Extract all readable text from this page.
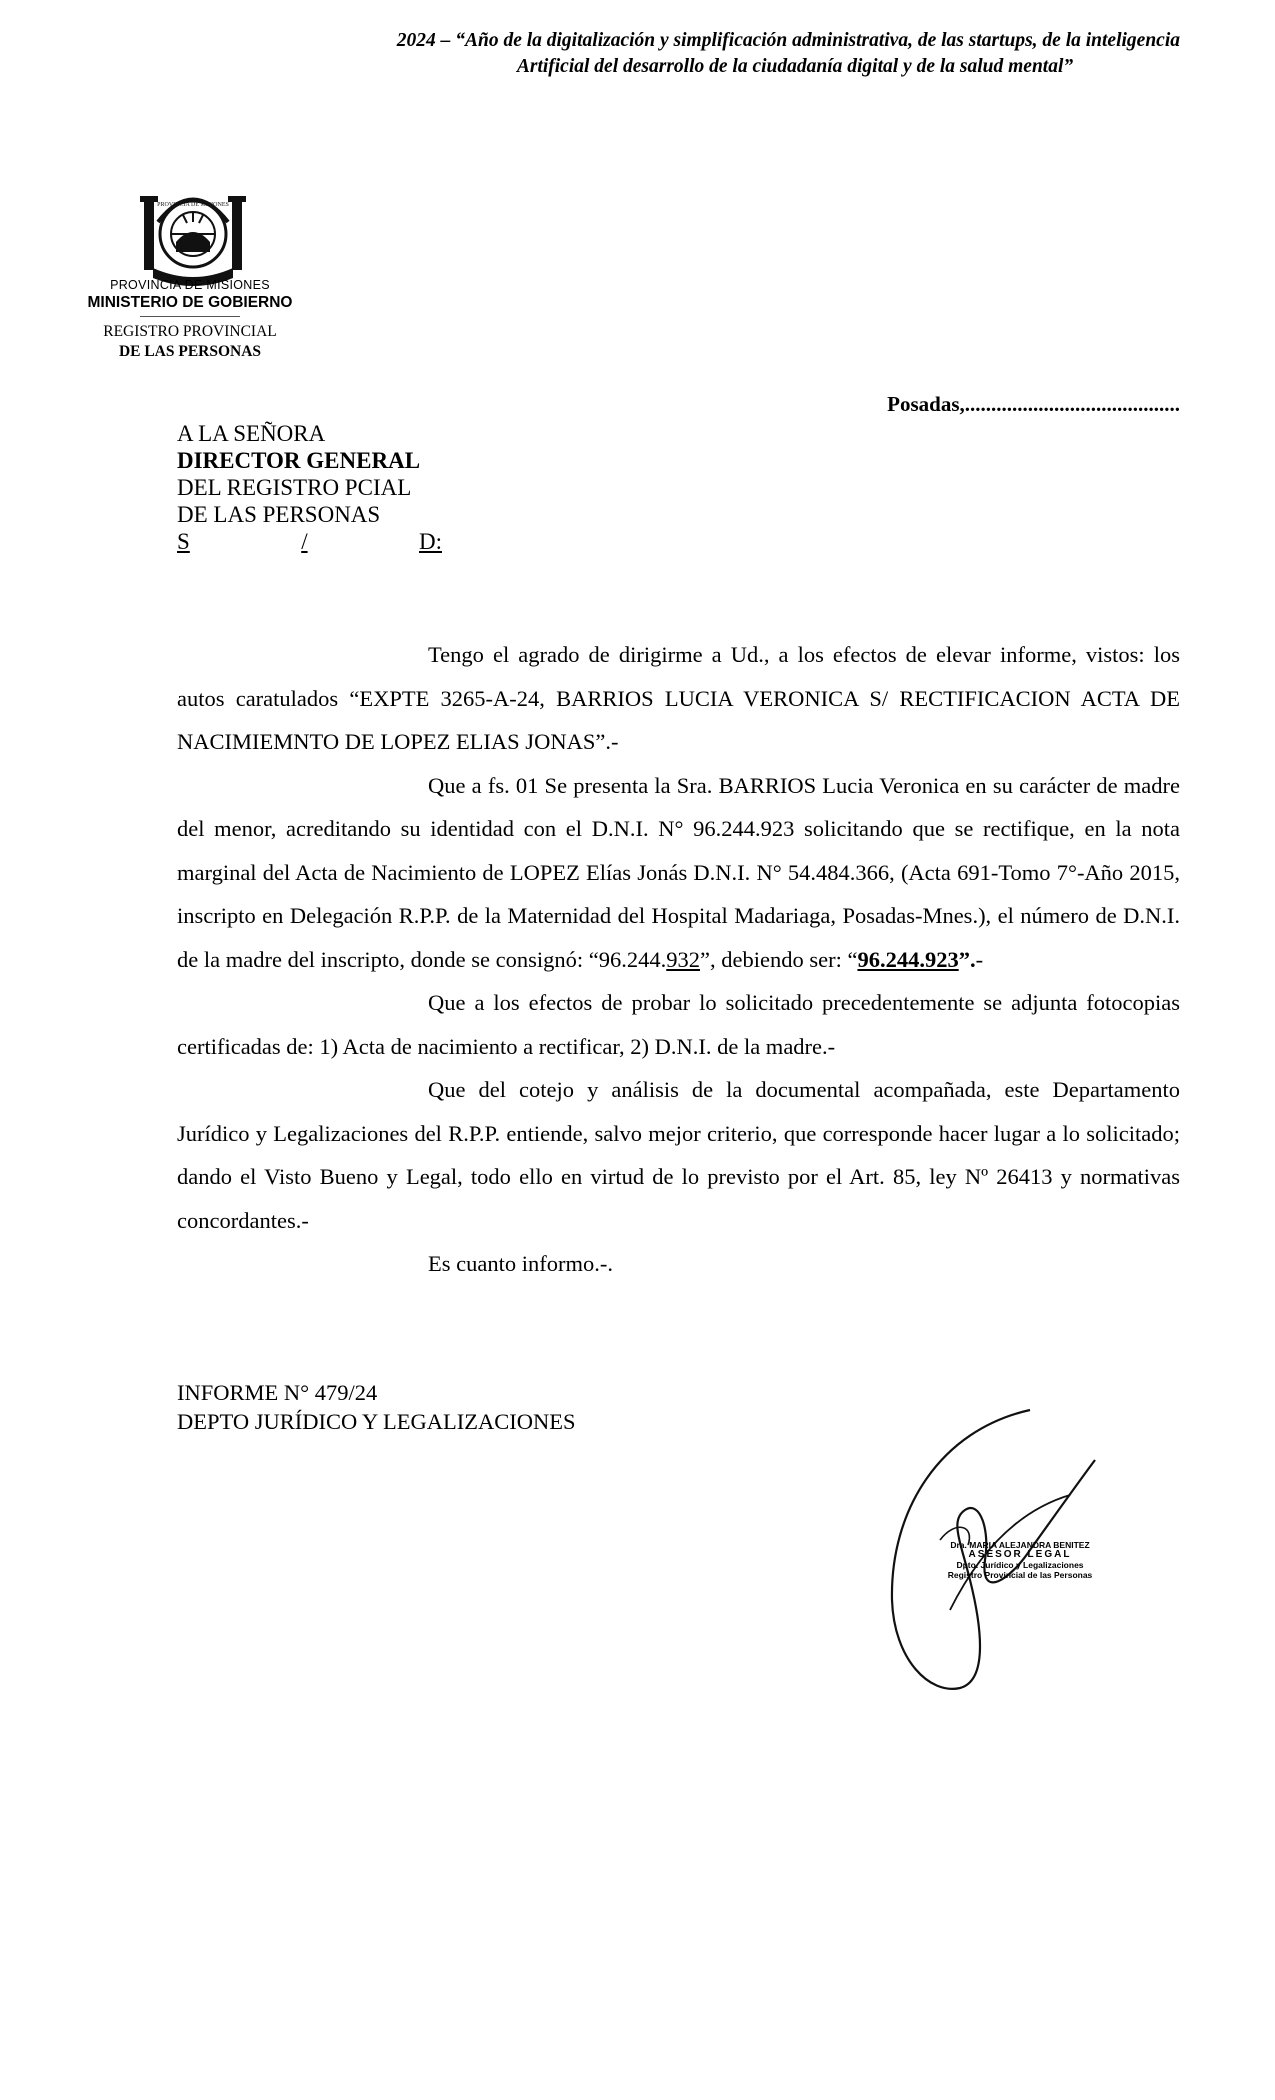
2024 – “Año de la digitalización y simplificación administrativa, de las startups, de la inteligencia
Artificial del desarrollo de la ciudadanía digital y de la salud mental”
PROVINCIA DE MISIONES
PROVINCIA DE MISIONES
MINISTERIO DE GOBIERNO
REGISTRO PROVINCIAL
DE LAS PERSONAS
Posadas,.........................................
A LA SEÑORA
DIRECTOR GENERAL
DEL REGISTRO PCIAL
DE LAS PERSONAS
S	/	D:

Tengo el agrado de dirigirme a Ud., a los efectos de elevar informe, vistos: los autos caratulados “EXPTE 3265-A-24, BARRIOS LUCIA VERONICA S/ RECTIFICACION ACTA DE NACIMIEMNTO DE LOPEZ ELIAS JONAS”.-

Que a fs. 01 Se presenta la Sra. BARRIOS Lucia Veronica en su carácter de madre del menor, acreditando su identidad con el D.N.I. N° 96.244.923 solicitando que se rectifique, en la nota marginal del Acta de Nacimiento de LOPEZ Elías Jonás D.N.I. N° 54.484.366, (Acta 691-Tomo 7°-Año 2015, inscripto en Delegación R.P.P. de la Maternidad del Hospital Madariaga, Posadas-Mnes.), el número de D.N.I. de la madre del inscripto, donde se consignó: “96.244.932”, debiendo ser: “96.244.923”.-

Que a los efectos de probar lo solicitado precedentemente se adjunta fotocopias certificadas de: 1) Acta de nacimiento a rectificar, 2) D.N.I. de la madre.-

Que del cotejo y análisis de la documental acompañada, este Departamento Jurídico y Legalizaciones del R.P.P. entiende, salvo mejor criterio, que corresponde hacer lugar a lo solicitado; dando el Visto Bueno y Legal, todo ello en virtud de lo previsto por el Art. 85, ley Nº 26413 y normativas concordantes.-

Es cuanto informo.-.

INFORME N° 479/24
DEPTO JURÍDICO Y LEGALIZACIONES
Dra. MARIA ALEJANDRA BENITEZ
ASESOR LEGAL
Dpto. Jurídico y Legalizaciones
Registro Provincial de las Personas
